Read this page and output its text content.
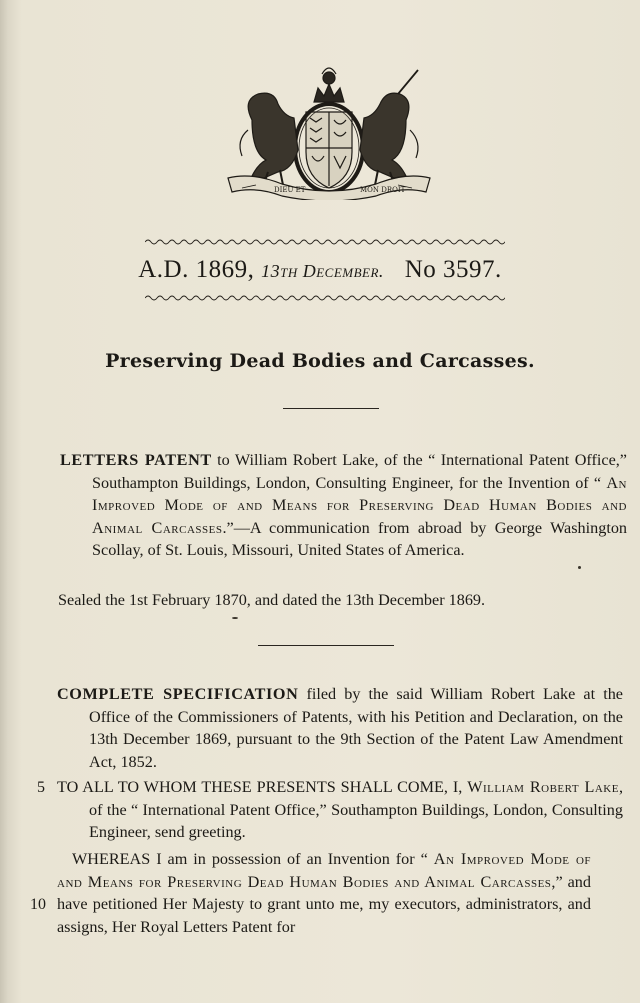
DIEU ET	MON DROIT
A.D. 1869, 13th December. No 3597.
Preserving Dead Bodies and Carcasses.

LETTERS PATENT to William Robert Lake, of the “ International Patent Office,” Southampton Buildings, London, Consulting Engineer, for the Invention of “ An Improved Mode of and Means for Preserving Dead Human Bodies and Animal Carcasses.”—A communication from abroad by George Washington Scollay, of St. Louis, Missouri, United States of America.

Sealed the 1st February 1870, and dated the 13th December 1869.

COMPLETE SPECIFICATION filed by the said William Robert Lake at the Office of the Commissioners of Patents, with his Petition and Declaration, on the 13th December 1869, pursuant to the 9th Section of the Patent Law Amendment Act, 1852.

5 TO ALL TO WHOM THESE PRESENTS SHALL COME, I, William Robert Lake, of the “ International Patent Office,” Southampton Buildings, London, Consulting Engineer, send greeting.

WHEREAS I am in possession of an Invention for “ An Improved Mode of and Means for Preserving Dead Human Bodies and Animal Carcasses,” and have petitioned Her Majesty to grant unto me, my executors, administrators, and assigns, Her Royal Letters Patent for

10
